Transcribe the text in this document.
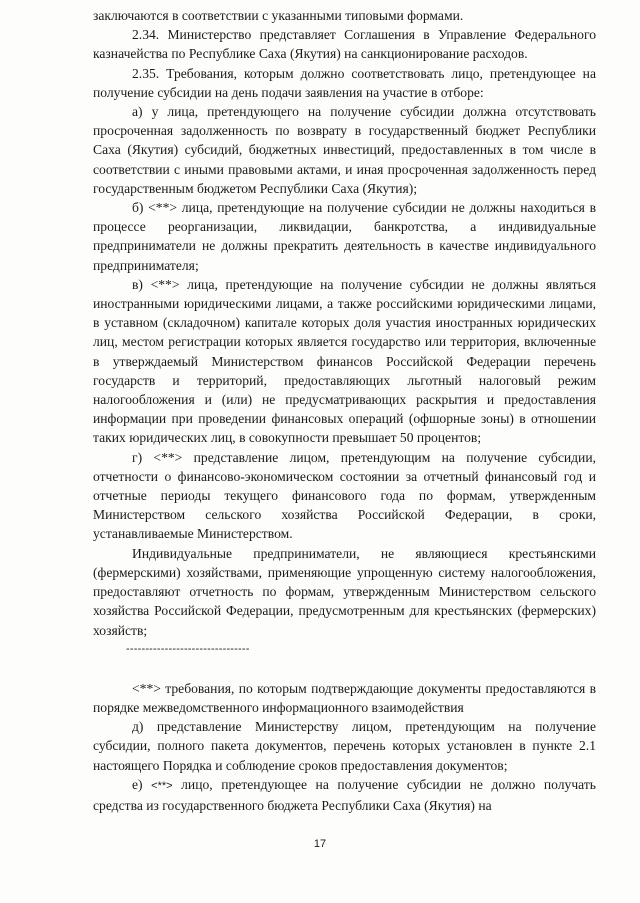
заключаются в соответствии с указанными типовыми формами.

2.34. Министерство представляет Соглашения в Управление Федерального казначейства по Республике Саха (Якутия) на санкционирование расходов.

2.35. Требования, которым должно соответствовать лицо, претендующее на получение субсидии на день подачи заявления на участие в отборе:

а) у лица, претендующего на получение субсидии должна отсутствовать просроченная задолженность по возврату в государственный бюджет Республики Саха (Якутия) субсидий, бюджетных инвестиций, предоставленных в том числе в соответствии с иными правовыми актами, и иная просроченная задолженность перед государственным бюджетом Республики Саха (Якутия);

б) <**> лица, претендующие на получение субсидии не должны находиться в процессе реорганизации, ликвидации, банкротства, а индивидуальные предприниматели не должны прекратить деятельность в качестве индивидуального предпринимателя;

в) <**> лица, претендующие на получение субсидии не должны являться иностранными юридическими лицами, а также российскими юридическими лицами, в уставном (складочном) капитале которых доля участия иностранных юридических лиц, местом регистрации которых является государство или территория, включенные в утверждаемый Министерством финансов Российской Федерации перечень государств и территорий, предоставляющих льготный налоговый режим налогообложения и (или) не предусматривающих раскрытия и предоставления информации при проведении финансовых операций (офшорные зоны) в отношении таких юридических лиц, в совокупности превышает 50 процентов;

г) <**> представление лицом, претендующим на получение субсидии, отчетности о финансово-экономическом состоянии за отчетный финансовый год и отчетные периоды текущего финансового года по формам, утвержденным Министерством сельского хозяйства Российской Федерации, в сроки, устанавливаемые Министерством.

Индивидуальные предприниматели, не являющиеся крестьянскими (фермерскими) хозяйствами, применяющие упрощенную систему налогообложения, предоставляют отчетность по формам, утвержденным Министерством сельского хозяйства Российской Федерации, предусмотренным для крестьянских (фермерских) хозяйств;

--------------------------------

<**> требования, по которым подтверждающие документы предоставляются в порядке межведомственного информационного взаимодействия

д) представление Министерству лицом, претендующим на получение субсидии, полного пакета документов, перечень которых установлен в пункте 2.1 настоящего Порядка и соблюдение сроков предоставления документов;

е) <**> лицо, претендующее на получение субсидии не должно получать средства из государственного бюджета Республики Саха (Якутия) на

17
